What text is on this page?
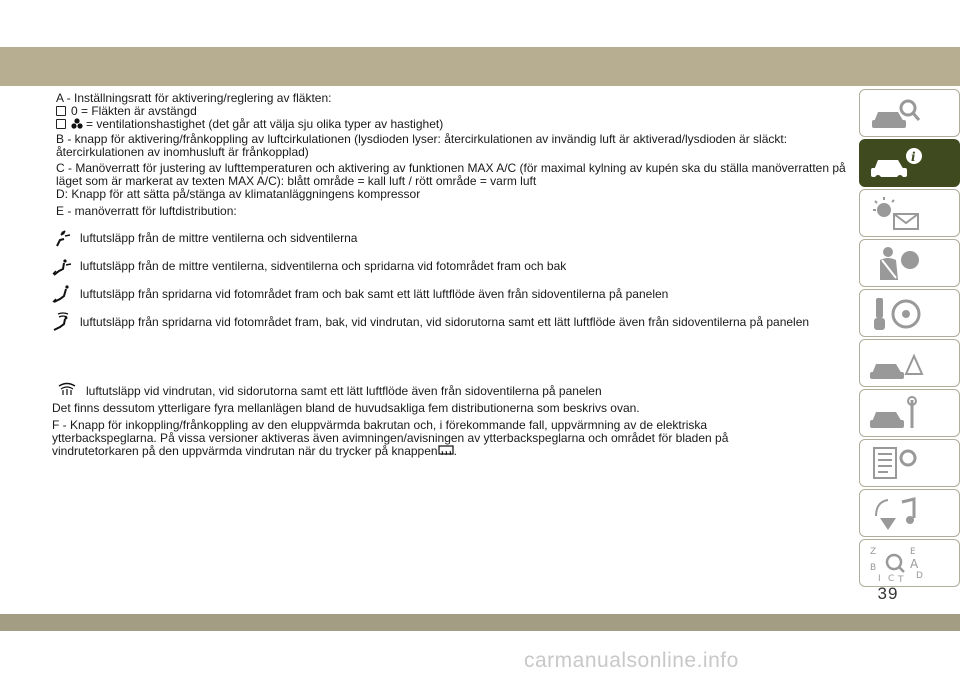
A - Inställningsratt för aktivering/reglering av fläkten:
0 = Fläkten är avstängd
= ventilationshastighet (det går att välja sju olika typer av hastighet)
B - knapp för aktivering/frånkoppling av luftcirkulationen (lysdioden lyser: återcirkulationen av invändig luft är aktiverad/lysdioden är släckt: återcirkulationen av inomhusluft är frånkopplad)
C - Manöverratt för justering av lufttemperaturen och aktivering av funktionen MAX A/C (för maximal kylning av kupén ska du ställa manöverratten på läget som är markerat av texten MAX A/C): blått område = kall luft / rött område = varm luft
D: Knapp för att sätta på/stänga av klimatanläggningens kompressor
E - manöverratt för luftdistribution:
luftutsläpp från de mittre ventilerna och sidventilerna
luftutsläpp från de mittre ventilerna, sidventilerna och spridarna vid fotområdet fram och bak
luftutsläpp från spridarna vid fotområdet fram och bak samt ett lätt luftflöde även från sidoventilerna på panelen
luftutsläpp från spridarna vid fotområdet fram, bak, vid vindrutan, vid sidorutorna samt ett lätt luftflöde även från sidoventilerna på panelen
luftutsläpp vid vindrutan, vid sidorutorna samt ett lätt luftflöde även från sidoventilerna på panelen
Det finns dessutom ytterligare fyra mellanlägen bland de huvudsakliga fem distributionerna som beskrivs ovan.
F - Knapp för inkoppling/frånkoppling av den eluppvärmda bakrutan och, i förekommande fall, uppvärmning av de elektriska ytterbackspeglarna. På vissa versioner aktiveras även avimningen/avisningen av ytterbackspeglarna och området för bladen på vindrutetorkaren på den uppvärmda vindrutan när du trycker på knappen .
i
Z	E
B	A
I C T D
39
carmanualsonline.info
